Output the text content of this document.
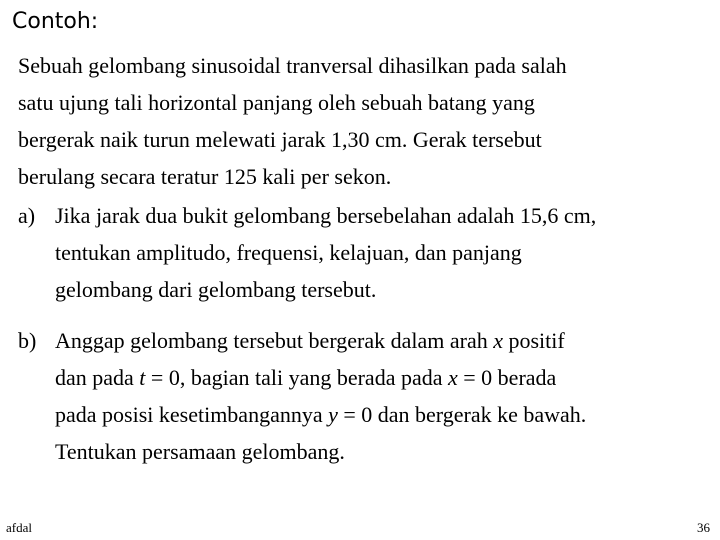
Contoh:
Sebuah gelombang sinusoidal tranversal dihasilkan pada salah
satu ujung tali horizontal panjang oleh sebuah batang yang
bergerak naik turun melewati jarak 1,30 cm. Gerak tersebut
berulang secara teratur 125 kali per sekon.
a) Jika jarak dua bukit gelombang bersebelahan adalah 15,6 cm,
tentukan amplitudo, frequensi, kelajuan, dan panjang
gelombang dari gelombang tersebut.
b) Anggap gelombang tersebut bergerak dalam arah x positif
dan pada t = 0, bagian tali yang berada pada x = 0 berada
pada posisi kesetimbangannya y = 0 dan bergerak ke bawah.
Tentukan persamaan gelombang.
afdal	36
